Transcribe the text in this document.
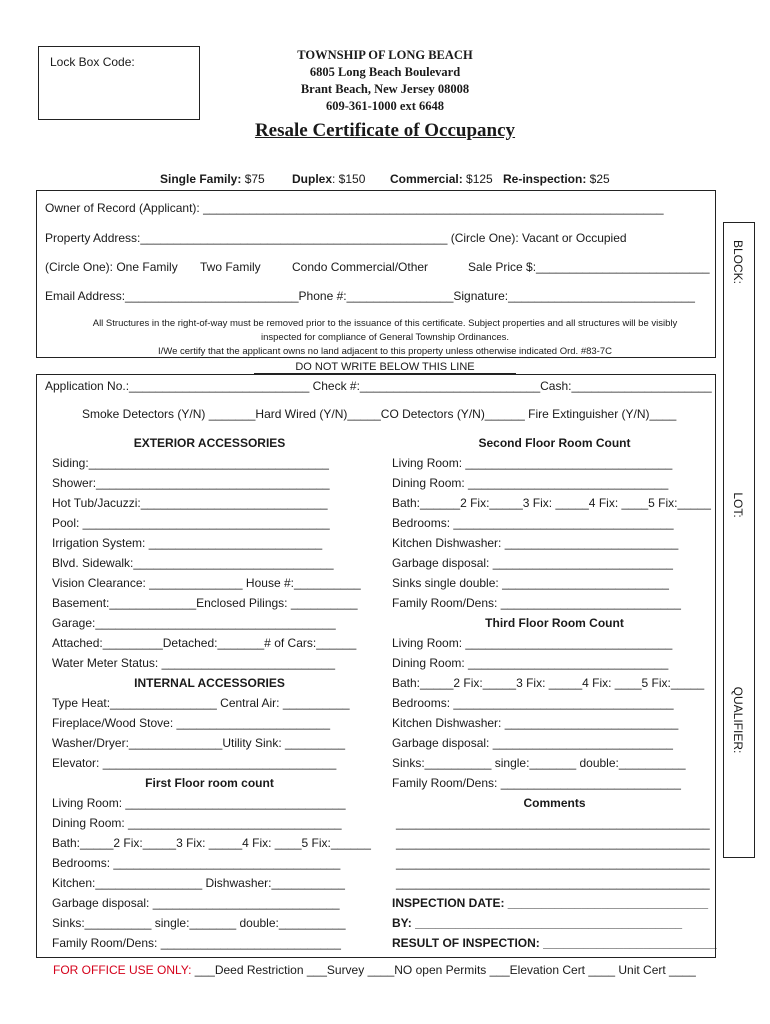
Lock Box Code:	TOWNSHIP OF LONG BEACH
6805 Long Beach Boulevard
Brant Beach, New Jersey 08008
609-361-1000 ext 6648
Resale Certificate of Occupancy
Single Family: $75 Duplex: $150 Commercial: $125 Re-inspection: $25
Owner of Record (Applicant): _____________________________________________________________________
Property Address:______________________________________________ (Circle One): Vacant or Occupied
(Circle One): One Family Two Family	Condo Commercial/Other	Sale Price $:__________________________
Email Address:__________________________Phone #:________________Signature:____________________________
All Structures in the right-of-way must be removed prior to the issuance of this certificate. Subject properties and all structures will be visibly
inspected for compliance of General Township Ordinances.
I/We certify that the applicant owns no land adjacent to this property unless otherwise indicated Ord. #83-7C
DO NOT WRITE BELOW THIS LINE
BLOCK:
LOT:
QUALIFIER:
Application No.:___________________________ Check #:___________________________Cash:_____________________
Smoke Detectors (Y/N) _______Hard Wired (Y/N)_____CO Detectors (Y/N)______ Fire Extinguisher (Y/N)____
EXTERIOR ACCESSORIES
Siding:____________________________________
Shower:___________________________________
Hot Tub/Jacuzzi:____________________________
Pool: _____________________________________
Irrigation System: __________________________
Blvd. Sidewalk:______________________________
Vision Clearance: ______________ House #:__________
Basement:_____________Enclosed Pilings: __________
Garage:____________________________________
Attached:_________Detached:_______# of Cars:______
Water Meter Status: __________________________
INTERNAL ACCESSORIES
Type Heat:________________ Central Air: __________
Fireplace/Wood Stove: _______________________
Washer/Dryer:______________Utility Sink: _________
Elevator: ___________________________________
First Floor room count
Living Room: _________________________________
Dining Room: ________________________________
Bath:_____2 Fix:_____3 Fix: _____4 Fix: ____5 Fix:______
Bedrooms: __________________________________
Kitchen:________________ Dishwasher:___________
Garbage disposal: ____________________________
Sinks:__________ single:_______ double:__________
Family Room/Dens: ___________________________
Second Floor Room Count
Living Room: _______________________________
Dining Room: ______________________________
Bath:______2 Fix:_____3 Fix: _____4 Fix: ____5 Fix:_____
Bedrooms: _________________________________
Kitchen Dishwasher: __________________________
Garbage disposal: ___________________________
Sinks single double: _________________________
Family Room/Dens: ___________________________
Third Floor Room Count
Living Room: _______________________________
Dining Room: ______________________________
Bath:_____2 Fix:_____3 Fix: _____4 Fix: ____5 Fix:_____
Bedrooms: _________________________________
Kitchen Dishwasher: __________________________
Garbage disposal: ___________________________
Sinks:__________ single:_______ double:__________
Family Room/Dens: ___________________________
Comments
_______________________________________________
_______________________________________________
_______________________________________________
_______________________________________________
INSPECTION DATE: ______________________________
BY: ________________________________________
RESULT OF INSPECTION: __________________________
FOR OFFICE USE ONLY: ___Deed Restriction ___Survey ____NO open Permits ___Elevation Cert ____ Unit Cert ____
